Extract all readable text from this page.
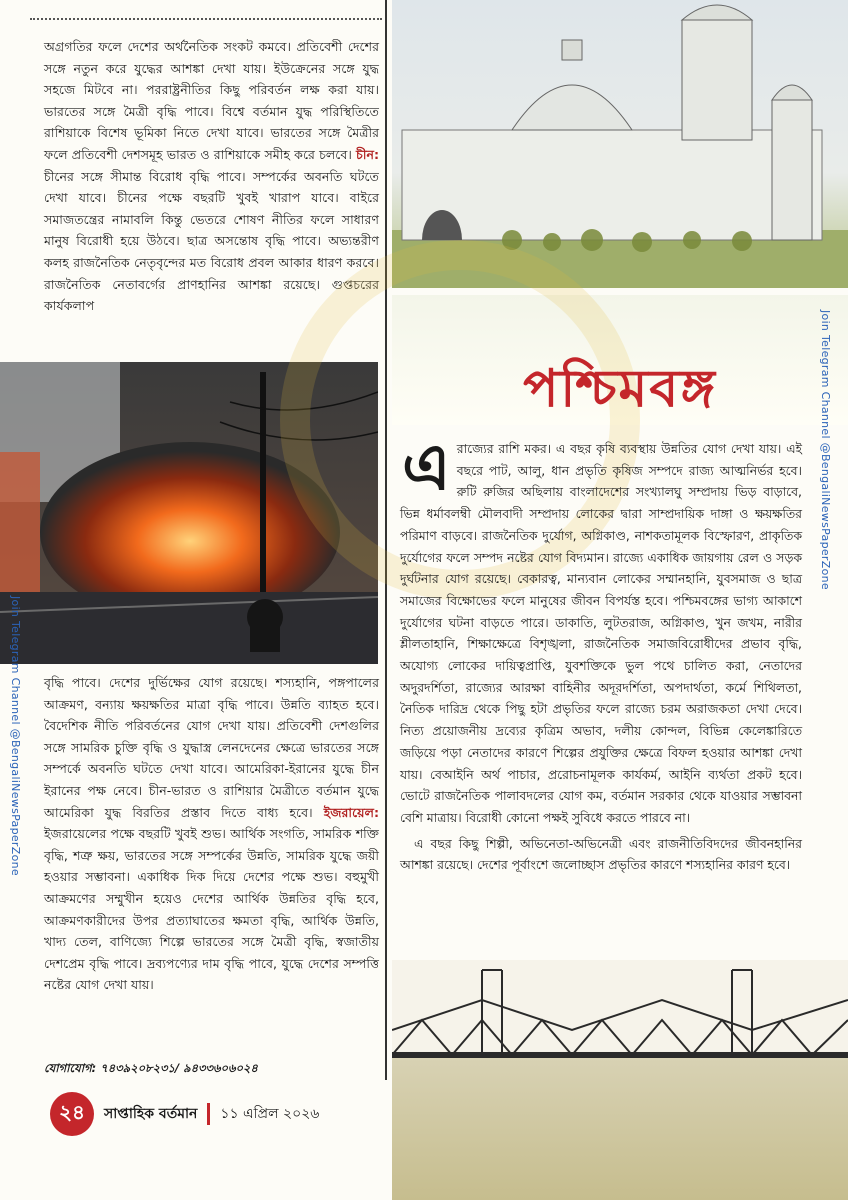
অগ্রগতির ফলে দেশের অর্থনৈতিক সংকট কমবে। প্রতিবেশী দেশের সঙ্গে নতুন করে যুদ্ধের আশঙ্কা দেখা যায়। ইউক্রেনের সঙ্গে যুদ্ধ সহজে মিটবে না। পররাষ্ট্রনীতির কিছু পরিবর্তন লক্ষ করা যায়। ভারতের সঙ্গে মৈত্রী বৃদ্ধি পাবে। বিশ্বে বর্তমান যুদ্ধ পরিস্থিতিতে রাশিয়াকে বিশেষ ভূমিকা নিতে দেখা যাবে। ভারতের সঙ্গে মৈত্রীর ফলে প্রতিবেশী দেশসমূহ ভারত ও রাশিয়াকে সমীহ করে চলবে। চীন: চীনের সঙ্গে সীমান্ত বিরোধ বৃদ্ধি পাবে। সম্পর্কের অবনতি ঘটতে দেখা যাবে। চীনের পক্ষে বছরটি খুবই খারাপ যাবে। বাইরে সমাজতন্ত্রের নামাবলি কিন্তু ভেতরে শোষণ নীতির ফলে সাধারণ মানুষ বিরোধী হয়ে উঠবে। ছাত্র অসন্তোষ বৃদ্ধি পাবে। অভ্যন্তরীণ কলহ রাজনৈতিক নেতৃবৃন্দের মত বিরোধ প্রবল আকার ধারণ করবে। রাজনৈতিক নেতাবর্গের প্রাণহানির আশঙ্কা রয়েছে। গুপ্তচরের কার্যকলাপ

বৃদ্ধি পাবে। দেশের দুর্ভিক্ষের যোগ রয়েছে। শস্যহানি, পঙ্গপালের আক্রমণ, বন্যায় ক্ষয়ক্ষতির মাত্রা বৃদ্ধি পাবে। উন্নতি ব্যাহত হবে। বৈদেশিক নীতি পরিবর্তনের যোগ দেখা যায়। প্রতিবেশী দেশগুলির সঙ্গে সামরিক চুক্তি বৃদ্ধি ও যুদ্ধাস্ত্র লেনদেনের ক্ষেত্রে ভারতের সঙ্গে সম্পর্কে অবনতি ঘটতে দেখা যাবে। আমেরিকা-ইরানের যুদ্ধে চীন ইরানের পক্ষ নেবে। চীন-ভারত ও রাশিয়ার মৈত্রীতে বর্তমান যুদ্ধে আমেরিকা যুদ্ধ বিরতির প্রস্তাব দিতে বাধ্য হবে। ইজরায়েল: ইজরায়েলের পক্ষে বছরটি খুবই শুভ। আর্থিক সংগতি, সামরিক শক্তি বৃদ্ধি, শত্রু ক্ষয়, ভারতের সঙ্গে সম্পর্কের উন্নতি, সামরিক যুদ্ধে জয়ী হওয়ার সম্ভাবনা। একাধিক দিক দিয়ে দেশের পক্ষে শুভ। বহুমুখী আক্রমণের সম্মুখীন হয়েও দেশের আর্থিক উন্নতির বৃদ্ধি হবে, আক্রমণকারীদের উপর প্রত্যাঘাতের ক্ষমতা বৃদ্ধি, আর্থিক উন্নতি, খাদ্য তেল, বাণিজ্যে শিল্পে ভারতের সঙ্গে মৈত্রী বৃদ্ধি, স্বজাতীয় দেশপ্রেম বৃদ্ধি পাবে। দ্রব্যপণ্যের দাম বৃদ্ধি পাবে, যুদ্ধে দেশের সম্পত্তি নষ্টের যোগ দেখা যায়।

যোগাযোগ: ৭৪৩৯২০৮২৩১/ ৯৪৩৩৬০৬০২৪
পশ্চিমবঙ্গ

এ রাজ্যের রাশি মকর। এ বছর কৃষি ব্যবস্থায় উন্নতির যোগ দেখা যায়। এই বছরে পাট, আলু, ধান প্রভৃতি কৃষিজ সম্পদে রাজ্য আত্মনির্ভর হবে। রুটি রুজির অছিলায় বাংলাদেশের সংখ্যালঘু সম্প্রদায় ভিড় বাড়াবে, ভিন্ন ধর্মাবলম্বী মৌলবাদী সম্প্রদায় লোকের দ্বারা সাম্প্রদায়িক দাঙ্গা ও ক্ষয়ক্ষতির পরিমাণ বাড়বে। রাজনৈতিক দুর্যোগ, অগ্নিকাণ্ড, নাশকতামূলক বিস্ফোরণ, প্রাকৃতিক দুর্যোগের ফলে সম্পদ নষ্টের যোগ বিদ্যমান। রাজ্যে একাধিক জায়গায় রেল ও সড়ক দুর্ঘটনার যোগ রয়েছে। বেকারত্ব, মান্যবান লোকের সম্মানহানি, যুবসমাজ ও ছাত্র সমাজের বিক্ষোভের ফলে মানুষের জীবন বিপর্যস্ত হবে। পশ্চিমবঙ্গের ভাগ্য আকাশে দুর্যোগের ঘটনা বাড়তে পারে। ডাকাতি, লুটতরাজ, অগ্নিকাণ্ড, খুন জখম, নারীর শ্লীলতাহানি, শিক্ষাক্ষেত্রে বিশৃঙ্খলা, রাজনৈতিক সমাজবিরোধীদের প্রভাব বৃদ্ধি, অযোগ্য লোকের দায়িত্বপ্রাপ্তি, যুবশক্তিকে ভুল পথে চালিত করা, নেতাদের অদুরদর্শিতা, রাজ্যের আরক্ষা বাহিনীর অদূরদর্শিতা, অপদার্থতা, কর্মে শিথিলতা, নৈতিক দারিদ্র থেকে পিছু হটা প্রভৃতির ফলে রাজ্যে চরম অরাজকতা দেখা দেবে। নিত্য প্রয়োজনীয় দ্রব্যের কৃত্রিম অভাব, দলীয় কোন্দল, বিভিন্ন কেলেঙ্কারিতে জড়িয়ে পড়া নেতাদের কারণে শিল্পের প্রযুক্তির ক্ষেত্রে বিফল হওয়ার আশঙ্কা দেখা যায়। বেআইনি অর্থ পাচার, প্ররোচনামূলক কার্যকর্ম, আইনি ব্যর্থতা প্রকট হবে। ভোটে রাজনৈতিক পালাবদলের যোগ কম, বর্তমান সরকার থেকে যাওয়ার সম্ভাবনা বেশি মাত্রায়। বিরোধী কোনো পক্ষই সুবিধে করতে পারবে না।

এ বছর কিছু শিল্পী, অভিনেতা-অভিনেত্রী এবং রাজনীতিবিদদের জীবনহানির আশঙ্কা রয়েছে। দেশের পূর্বাংশে জলোচ্ছাস প্রভৃতির কারণে শস্যহানির কারণ হবে।

Join Telegram Channel @BengaliNewsPaperZone
Join Telegram Channel @BengaliNewsPaperZone
২৪	সাপ্তাহিক বর্তমান ১১ এপ্রিল ২০২৬
